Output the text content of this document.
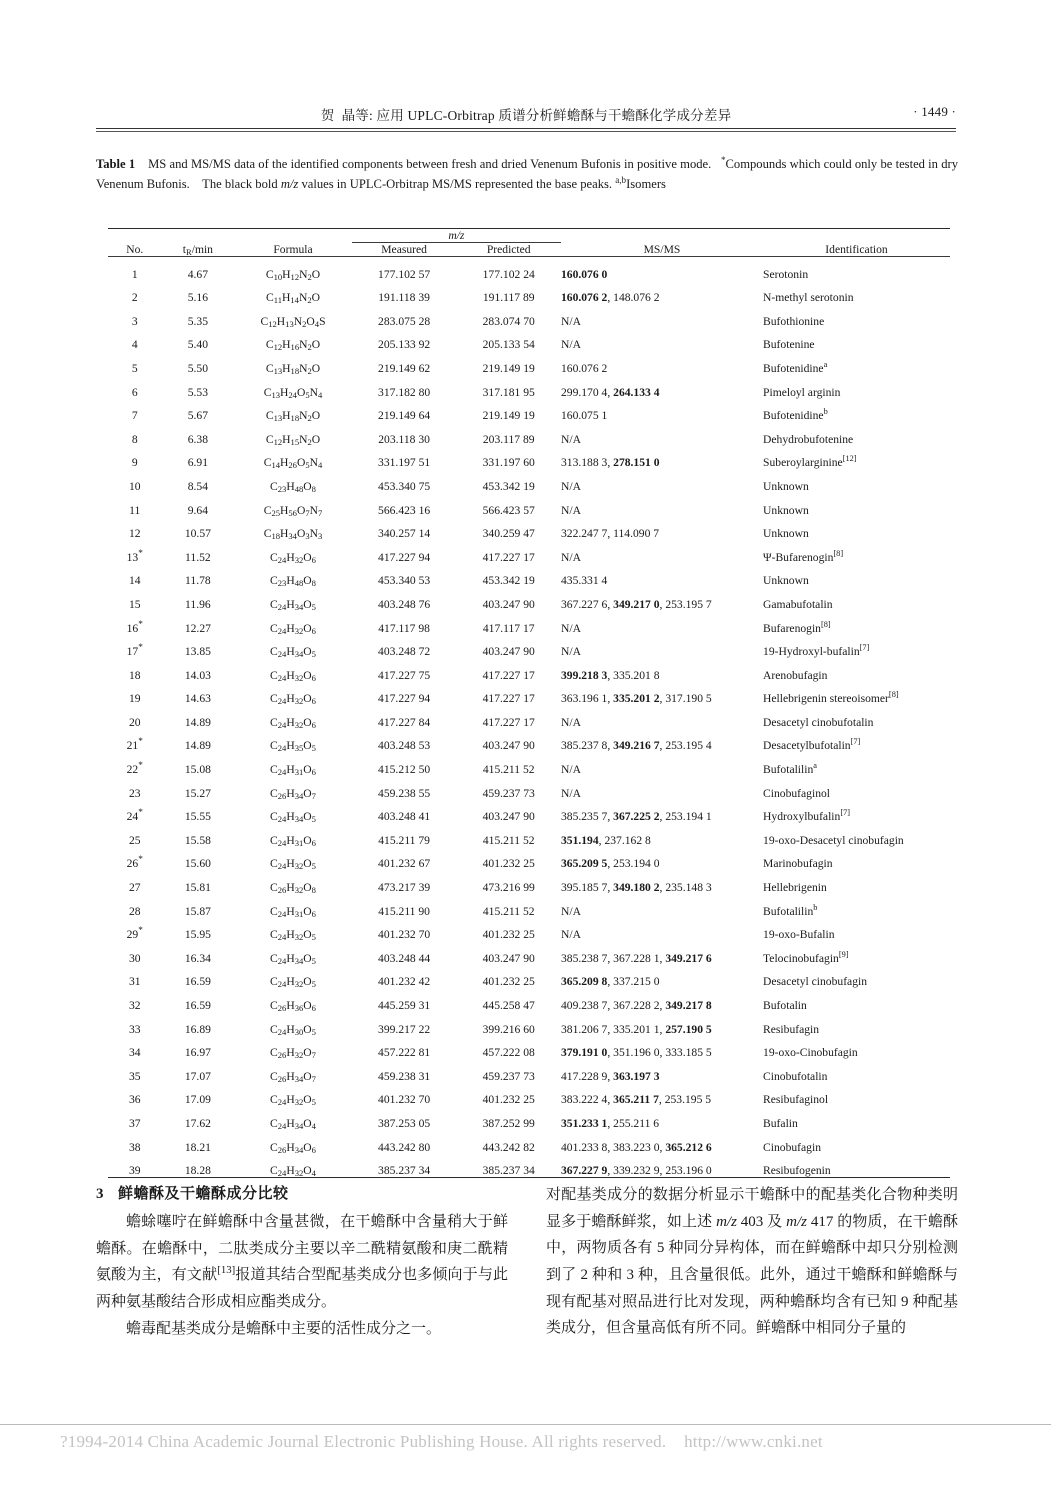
贺  晶等: 应用 UPLC-Orbitrap 质谱分析鲜蟾酥与干蟾酥化学成分差异	· 1449 ·
Table 1 MS and MS/MS data of the identified components between fresh and dried Venenum Bufonis in positive mode. *Compounds which could only be tested in dry Venenum Bufonis. The black bold m/z values in UPLC-Orbitrap MS/MS represented the base peaks. $^{a,b}$Isomers
No.	$t_R/\min$	Formula	m/z		MS/MS	Identification
			Measured	Predicted		
1	4.67	$C_{10}H_{12}N_2O$	177.102 57	177.102 24	160.076 0	Serotonin
2	5.16	$C_{11}H_{14}N_2O$	191.118 39	191.117 89	160.076 2, 148.076 2	N-methyl serotonin
3	5.35	$C_{12}H_{13}N_2O_4S$	283.075 28	283.074 70	N/A	Bufothionine
4	5.40	$C_{12}H_{16}N_2O$	205.133 92	205.133 54	N/A	Bufotenine
5	5.50	$C_{13}H_{18}N_2O$	219.149 62	219.149 19	160.076 2	Bufotenidine$^a$
6	5.53	$C_{13}H_{24}O_5N_4$	317.182 80	317.181 95	299.170 4, 264.133 4	Pimeloyl arginin
7	5.67	$C_{13}H_{18}N_2O$	219.149 64	219.149 19	160.075 1	Bufotenidine$^b$
8	6.38	$C_{12}H_{15}N_2O$	203.118 30	203.117 89	N/A	Dehydrobufotenine
9	6.91	$C_{14}H_{26}O_5N_4$	331.197 51	331.197 60	313.188 3, 278.151 0	Suberoylarginine[12]
10	8.54	$C_{23}H_{48}O_8$	453.340 75	453.342 19	N/A	Unknown
11	9.64	$C_{25}H_{56}O_7N_7$	566.423 16	566.423 57	N/A	Unknown
12	10.57	$C_{18}H_{34}O_3N_3$	340.257 14	340.259 47	322.247 7, 114.090 7	Unknown
13*	11.52	$C_{24}H_{32}O_6$	417.227 94	417.227 17	N/A	Ψ-Bufarenogin[8]
14	11.78	$C_{23}H_{48}O_8$	453.340 53	453.342 19	435.331 4	Unknown
15	11.96	$C_{24}H_{34}O_5$	403.248 76	403.247 90	367.227 6, 349.217 0, 253.195 7	Gamabufotalin
16*	12.27	$C_{24}H_{32}O_6$	417.117 98	417.117 17	N/A	Bufarenogin[8]
17*	13.85	$C_{24}H_{34}O_5$	403.248 72	403.247 90	N/A	19-Hydroxyl-bufalin[7]
18	14.03	$C_{24}H_{32}O_6$	417.227 75	417.227 17	399.218 3, 335.201 8	Arenobufagin
19	14.63	$C_{24}H_{32}O_6$	417.227 94	417.227 17	363.196 1, 335.201 2, 317.190 5	Hellebrigenin stereoisomer[8]
20	14.89	$C_{24}H_{32}O_6$	417.227 84	417.227 17	N/A	Desacetyl cinobufotalin
21*	14.89	$C_{24}H_{35}O_5$	403.248 53	403.247 90	385.237 8, 349.216 7, 253.195 4	Desacetylbufotalin[7]
22*	15.08	$C_{24}H_{31}O_6$	415.212 50	415.211 52	N/A	Bufotalilin$^a$
23	15.27	$C_{26}H_{34}O_7$	459.238 55	459.237 73	N/A	Cinobufaginol
24*	15.55	$C_{24}H_{34}O_5$	403.248 41	403.247 90	385.235 7, 367.225 2, 253.194 1	Hydroxylbufalin[7]
25	15.58	$C_{24}H_{31}O_6$	415.211 79	415.211 52	351.194, 237.162 8	19-oxo-Desacetyl cinobufagin
26*	15.60	$C_{24}H_{32}O_5$	401.232 67	401.232 25	365.209 5, 253.194 0	Marinobufagin
27	15.81	$C_{26}H_{32}O_8$	473.217 39	473.216 99	395.185 7, 349.180 2, 235.148 3	Hellebrigenin
28	15.87	$C_{24}H_{31}O_6$	415.211 90	415.211 52	N/A	Bufotalilin$^b$
29*	15.95	$C_{24}H_{32}O_5$	401.232 70	401.232 25	N/A	19-oxo-Bufalin
30	16.34	$C_{24}H_{34}O_5$	403.248 44	403.247 90	385.238 7, 367.228 1, 349.217 6	Telocinobufagin[9]
31	16.59	$C_{24}H_{32}O_5$	401.232 42	401.232 25	365.209 8, 337.215 0	Desacetyl cinobufagin
32	16.59	$C_{26}H_{36}O_6$	445.259 31	445.258 47	409.238 7, 367.228 2, 349.217 8	Bufotalin
33	16.89	$C_{24}H_{30}O_5$	399.217 22	399.216 60	381.206 7, 335.201 1, 257.190 5	Resibufagin
34	16.97	$C_{26}H_{32}O_7$	457.222 81	457.222 08	379.191 0, 351.196 0, 333.185 5	19-oxo-Cinobufagin
35	17.07	$C_{26}H_{34}O_7$	459.238 31	459.237 73	417.228 9, 363.197 3	Cinobufotalin
36	17.09	$C_{24}H_{32}O_5$	401.232 70	401.232 25	383.222 4, 365.211 7, 253.195 5	Resibufaginol
37	17.62	$C_{24}H_{34}O_4$	387.253 05	387.252 99	351.233 1, 255.211 6	Bufalin
38	18.21	$C_{26}H_{34}O_6$	443.242 80	443.242 82	401.233 8, 383.223 0, 365.212 6	Cinobufagin
39	18.28	$C_{24}H_{32}O_4$	385.237 34	385.237 34	367.227 9, 339.232 9, 253.196 0	Resibufogenin

3 鲜蟾酥及干蟾酥成分比较

蟾蜍噻咛在鲜蟾酥中含量甚微，在干蟾酥中含量稍大于鲜蟾酥。在蟾酥中，二肽类成分主要以辛二酰精氨酸和庚二酰精氨酸为主，有文献[13]报道其结合型配基类成分也多倾向于与此两种氨基酸结合形成相应酯类成分。

蟾毒配基类成分是蟾酥中主要的活性成分之一。

对配基类成分的数据分析显示干蟾酥中的配基类化合物种类明显多于蟾酥鲜浆，如上述 m/z 403 及 m/z 417 的物质，在干蟾酥中，两物质各有 5 种同分异构体，而在鲜蟾酥中却只分别检测到了 2 种和 3 种，且含量很低。此外，通过干蟾酥和鲜蟾酥与现有配基对照品进行比对发现，两种蟾酥均含有已知 9 种配基类成分，但含量高低有所不同。鲜蟾酥中相同分子量的

?1994-2014 China Academic Journal Electronic Publishing House. All rights reserved.    http://www.cnki.net
